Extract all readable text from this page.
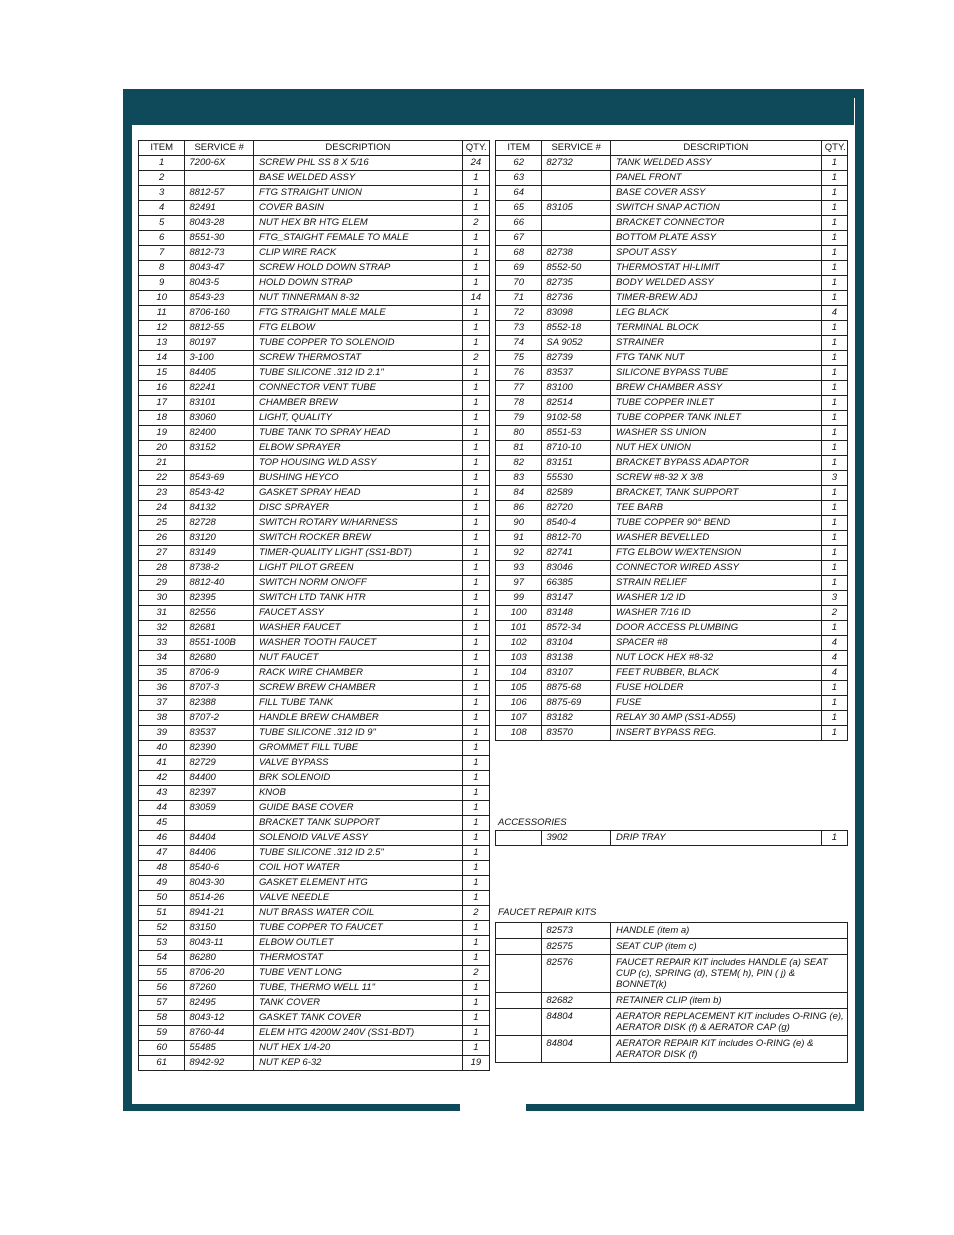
ITEM	SERVICE #	DESCRIPTION	QTY.
1	7200-6X	SCREW PHL SS 8 X 5/16	24
2		BASE WELDED ASSY	1
3	8812-57	FTG STRAIGHT UNION	1
4	82491	COVER BASIN	1
5	8043-28	NUT HEX BR HTG ELEM	2
6	8551-30	FTG_STAIGHT FEMALE TO MALE	1
7	8812-73	CLIP WIRE RACK	1
8	8043-47	SCREW HOLD DOWN STRAP	1
9	8043-5	HOLD DOWN STRAP	1
10	8543-23	NUT TINNERMAN 8-32	14
11	8706-160	FTG STRAIGHT MALE MALE	1
12	8812-55	FTG ELBOW	1
13	80197	TUBE COPPER TO SOLENOID	1
14	3-100	SCREW THERMOSTAT	2
15	84405	TUBE SILICONE .312 ID 2.1"	1
16	82241	CONNECTOR VENT TUBE	1
17	83101	CHAMBER BREW	1
18	83060	LIGHT, QUALITY	1
19	82400	TUBE TANK TO SPRAY HEAD	1
20	83152	ELBOW SPRAYER	1
21		TOP HOUSING WLD ASSY	1
22	8543-69	BUSHING HEYCO	1
23	8543-42	GASKET SPRAY HEAD	1
24	84132	DISC SPRAYER	1
25	82728	SWITCH ROTARY W/HARNESS	1
26	83120	SWITCH ROCKER BREW	1
27	83149	TIMER-QUALITY LIGHT (SS1-BDT)	1
28	8738-2	LIGHT PILOT GREEN	1
29	8812-40	SWITCH NORM ON/OFF	1
30	82395	SWITCH LTD TANK HTR	1
31	82556	FAUCET ASSY	1
32	82681	WASHER FAUCET	1
33	8551-100B	WASHER TOOTH FAUCET	1
34	82680	NUT FAUCET	1
35	8706-9	RACK WIRE CHAMBER	1
36	8707-3	SCREW BREW CHAMBER	1
37	82388	FILL TUBE TANK	1
38	8707-2	HANDLE BREW CHAMBER	1
39	83537	TUBE SILICONE .312 ID 9"	1
40	82390	GROMMET FILL TUBE	1
41	82729	VALVE BYPASS	1
42	84400	BRK SOLENOID	1
43	82397	KNOB	1
44	83059	GUIDE BASE COVER	1
45		BRACKET TANK SUPPORT	1
46	84404	SOLENOID VALVE ASSY	1
47	84406	TUBE SILICONE .312 ID 2.5"	1
48	8540-6	COIL HOT WATER	1
49	8043-30	GASKET ELEMENT HTG	1
50	8514-26	VALVE NEEDLE	1
51	8941-21	NUT BRASS WATER COIL	2
52	83150	TUBE COPPER TO FAUCET	1
53	8043-11	ELBOW OUTLET	1
54	86280	THERMOSTAT	1
55	8706-20	TUBE VENT LONG	2
56	87260	TUBE, THERMO WELL 11"	1
57	82495	TANK COVER	1
58	8043-12	GASKET TANK COVER	1
59	8760-44	ELEM HTG 4200W 240V (SS1-BDT)	1
60	55485	NUT HEX 1/4-20	1
61	8942-92	NUT KEP 6-32	19
ITEM	SERVICE #	DESCRIPTION	QTY.
62	82732	TANK WELDED ASSY	1
63		PANEL FRONT	1
64		BASE COVER ASSY	1
65	83105	SWITCH SNAP ACTION	1
66		BRACKET CONNECTOR	1
67		BOTTOM PLATE ASSY	1
68	82738	SPOUT ASSY	1
69	8552-50	THERMOSTAT HI-LIMIT	1
70	82735	BODY WELDED ASSY	1
71	82736	TIMER-BREW ADJ	1
72	83098	LEG BLACK	4
73	8552-18	TERMINAL BLOCK	1
74	SA 9052	STRAINER	1
75	82739	FTG TANK NUT	1
76	83537	SILICONE BYPASS TUBE	1
77	83100	BREW CHAMBER ASSY	1
78	82514	TUBE COPPER INLET	1
79	9102-58	TUBE COPPER TANK INLET	1
80	8551-53	WASHER SS UNION	1
81	8710-10	NUT HEX UNION	1
82	83151	BRACKET BYPASS ADAPTOR	1
83	55530	SCREW #8-32 X 3/8	3
84	82589	BRACKET, TANK SUPPORT	1
86	82720	TEE BARB	1
90	8540-4	TUBE COPPER 90° BEND	1
91	8812-70	WASHER BEVELLED	1
92	82741	FTG ELBOW W/EXTENSION	1
93	83046	CONNECTOR WIRED ASSY	1
97	66385	STRAIN RELIEF	1
99	83147	WASHER 1/2 ID	3
100	83148	WASHER 7/16 ID	2
101	8572-34	DOOR ACCESS PLUMBING	1
102	83104	SPACER #8	4
103	83138	NUT LOCK HEX #8-32	4
104	83107	FEET RUBBER, BLACK	4
105	8875-68	FUSE HOLDER	1
106	8875-69	FUSE	1
107	83182	RELAY 30 AMP (SS1-AD55)	1
108	83570	INSERT BYPASS REG.	1
ACCESSORIES
	3902	DRIP TRAY	1
FAUCET REPAIR KITS
	82573	HANDLE (item a)
	82575	SEAT CUP (item c)
	82576	FAUCET REPAIR KIT includes HANDLE (a) SEAT CUP (c), SPRING (d), STEM( h), PIN ( j) & BONNET(k)
	82682	RETAINER CLIP (item b)
	84804	AERATOR REPLACEMENT KIT includes O-RING (e), AERATOR DISK (f) & AERATOR CAP (g)
	84804	AERATOR REPAIR KIT includes O-RING (e) & AERATOR DISK (f)
